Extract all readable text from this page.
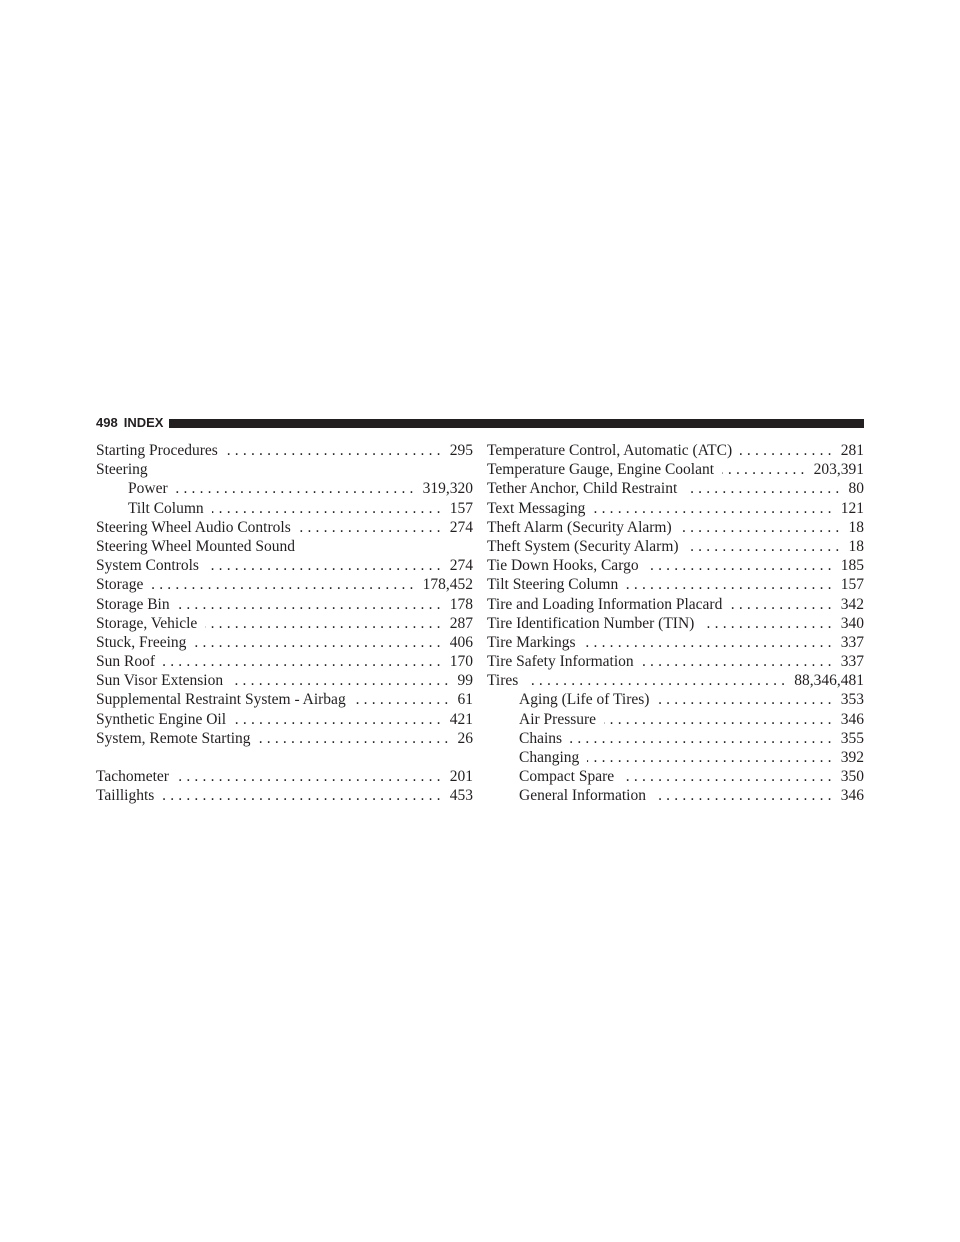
498 INDEX
Starting Procedures .....	295
Steering
Power .....	319,320
Tilt Column .....	157
Steering Wheel Audio Controls .....	274
Steering Wheel Mounted Sound
System Controls .....	274
Storage .....	178,452
Storage Bin .....	178
Storage, Vehicle .....	287
Stuck, Freeing .....	406
Sun Roof .....	170
Sun Visor Extension .....	99
Supplemental Restraint System - Airbag .....	61
Synthetic Engine Oil .....	421
System, Remote Starting .....	26
Tachometer .....	201
Taillights .....	453
Temperature Control, Automatic (ATC) .....	281
Temperature Gauge, Engine Coolant .....	203,391
Tether Anchor, Child Restraint .....	80
Text Messaging .....	121
Theft Alarm (Security Alarm) .....	18
Theft System (Security Alarm) .....	18
Tie Down Hooks, Cargo .....	185
Tilt Steering Column .....	157
Tire and Loading Information Placard .....	342
Tire Identification Number (TIN) .....	340
Tire Markings .....	337
Tire Safety Information .....	337
Tires .....	88,346,481
Aging (Life of Tires) .....	353
Air Pressure .....	346
Chains .....	355
Changing .....	392
Compact Spare .....	350
General Information .....	346
